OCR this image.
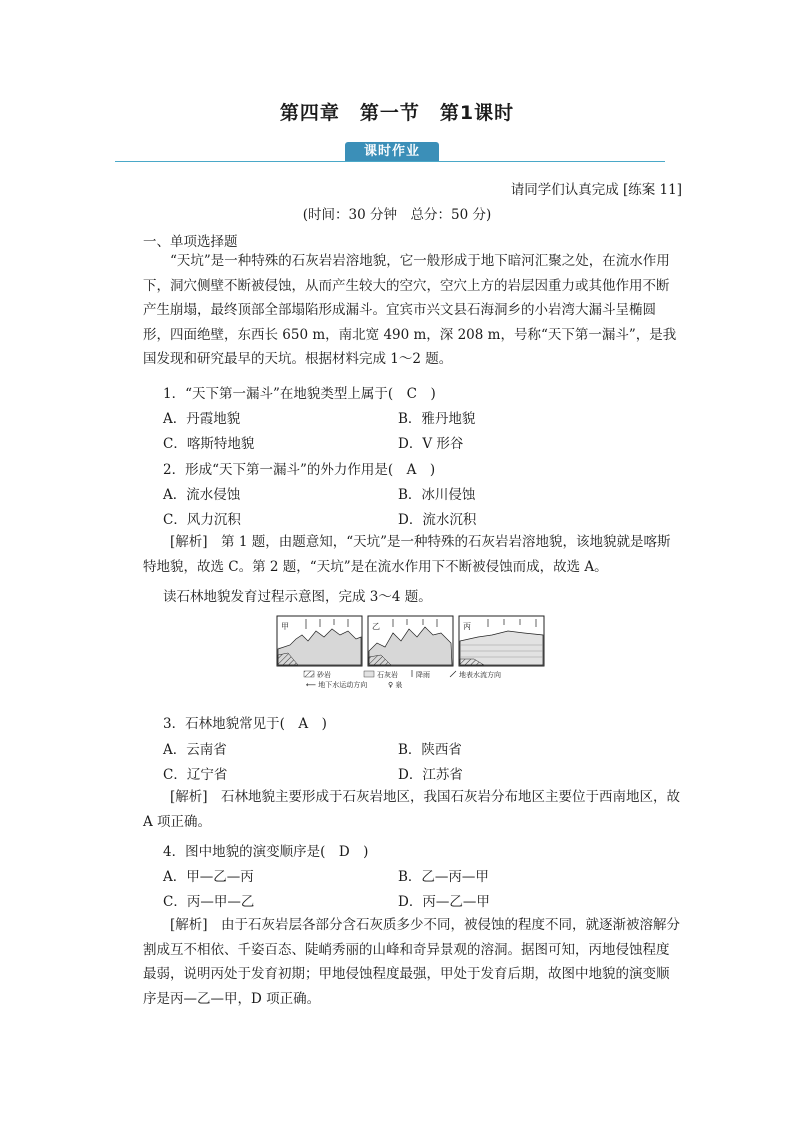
第四章　第一节　第1课时
课时作业
请同学们认真完成 [练案 11]
(时间：30 分钟　总分：50 分)
一、单项选择题
“天坑”是一种特殊的石灰岩岩溶地貌，它一般形成于地下暗河汇聚之处，在流水作用下，洞穴侧壁不断被侵蚀，从而产生较大的空穴，空穴上方的岩层因重力或其他作用不断产生崩塌，最终顶部全部塌陷形成漏斗。宜宾市兴文县石海洞乡的小岩湾大漏斗呈椭圆形，四面绝壁，东西长 650 m，南北宽 490 m，深 208 m，号称“天下第一漏斗”，是我国发现和研究最早的天坑。根据材料完成 1～2 题。
1．“天下第一漏斗”在地貌类型上属于(　C　)
A．丹霞地貌	B．雅丹地貌
C．喀斯特地貌	D．V 形谷
2．形成“天下第一漏斗”的外力作用是(　A　)
A．流水侵蚀	B．冰川侵蚀
C．风力沉积	D．流水沉积
[解析]　第 1 题，由题意知，“天坑”是一种特殊的石灰岩岩溶地貌，该地貌就是喀斯特地貌，故选 C。第 2 题，“天坑”是在流水作用下不断被侵蚀而成，故选 A。
读石林地貌发育过程示意图，完成 3～4 题。
甲	乙	丙
砂岩	石灰岩	降雨	地表水流方向
⟵ 地下水运动方向	♀ 泉
3．石林地貌常见于(　A　)
A．云南省	B．陕西省
C．辽宁省	D．江苏省
[解析]　石林地貌主要形成于石灰岩地区，我国石灰岩分布地区主要位于西南地区，故 A 项正确。
4．图中地貌的演变顺序是(　D　)
A．甲—乙—丙	B．乙—丙—甲
C．丙—甲—乙	D．丙—乙—甲
[解析]　由于石灰岩层各部分含石灰质多少不同，被侵蚀的程度不同，就逐渐被溶解分割成互不相依、千姿百态、陡峭秀丽的山峰和奇异景观的溶洞。据图可知，丙地侵蚀程度最弱，说明丙处于发育初期；甲地侵蚀程度最强，甲处于发育后期，故图中地貌的演变顺序是丙—乙—甲，D 项正确。
